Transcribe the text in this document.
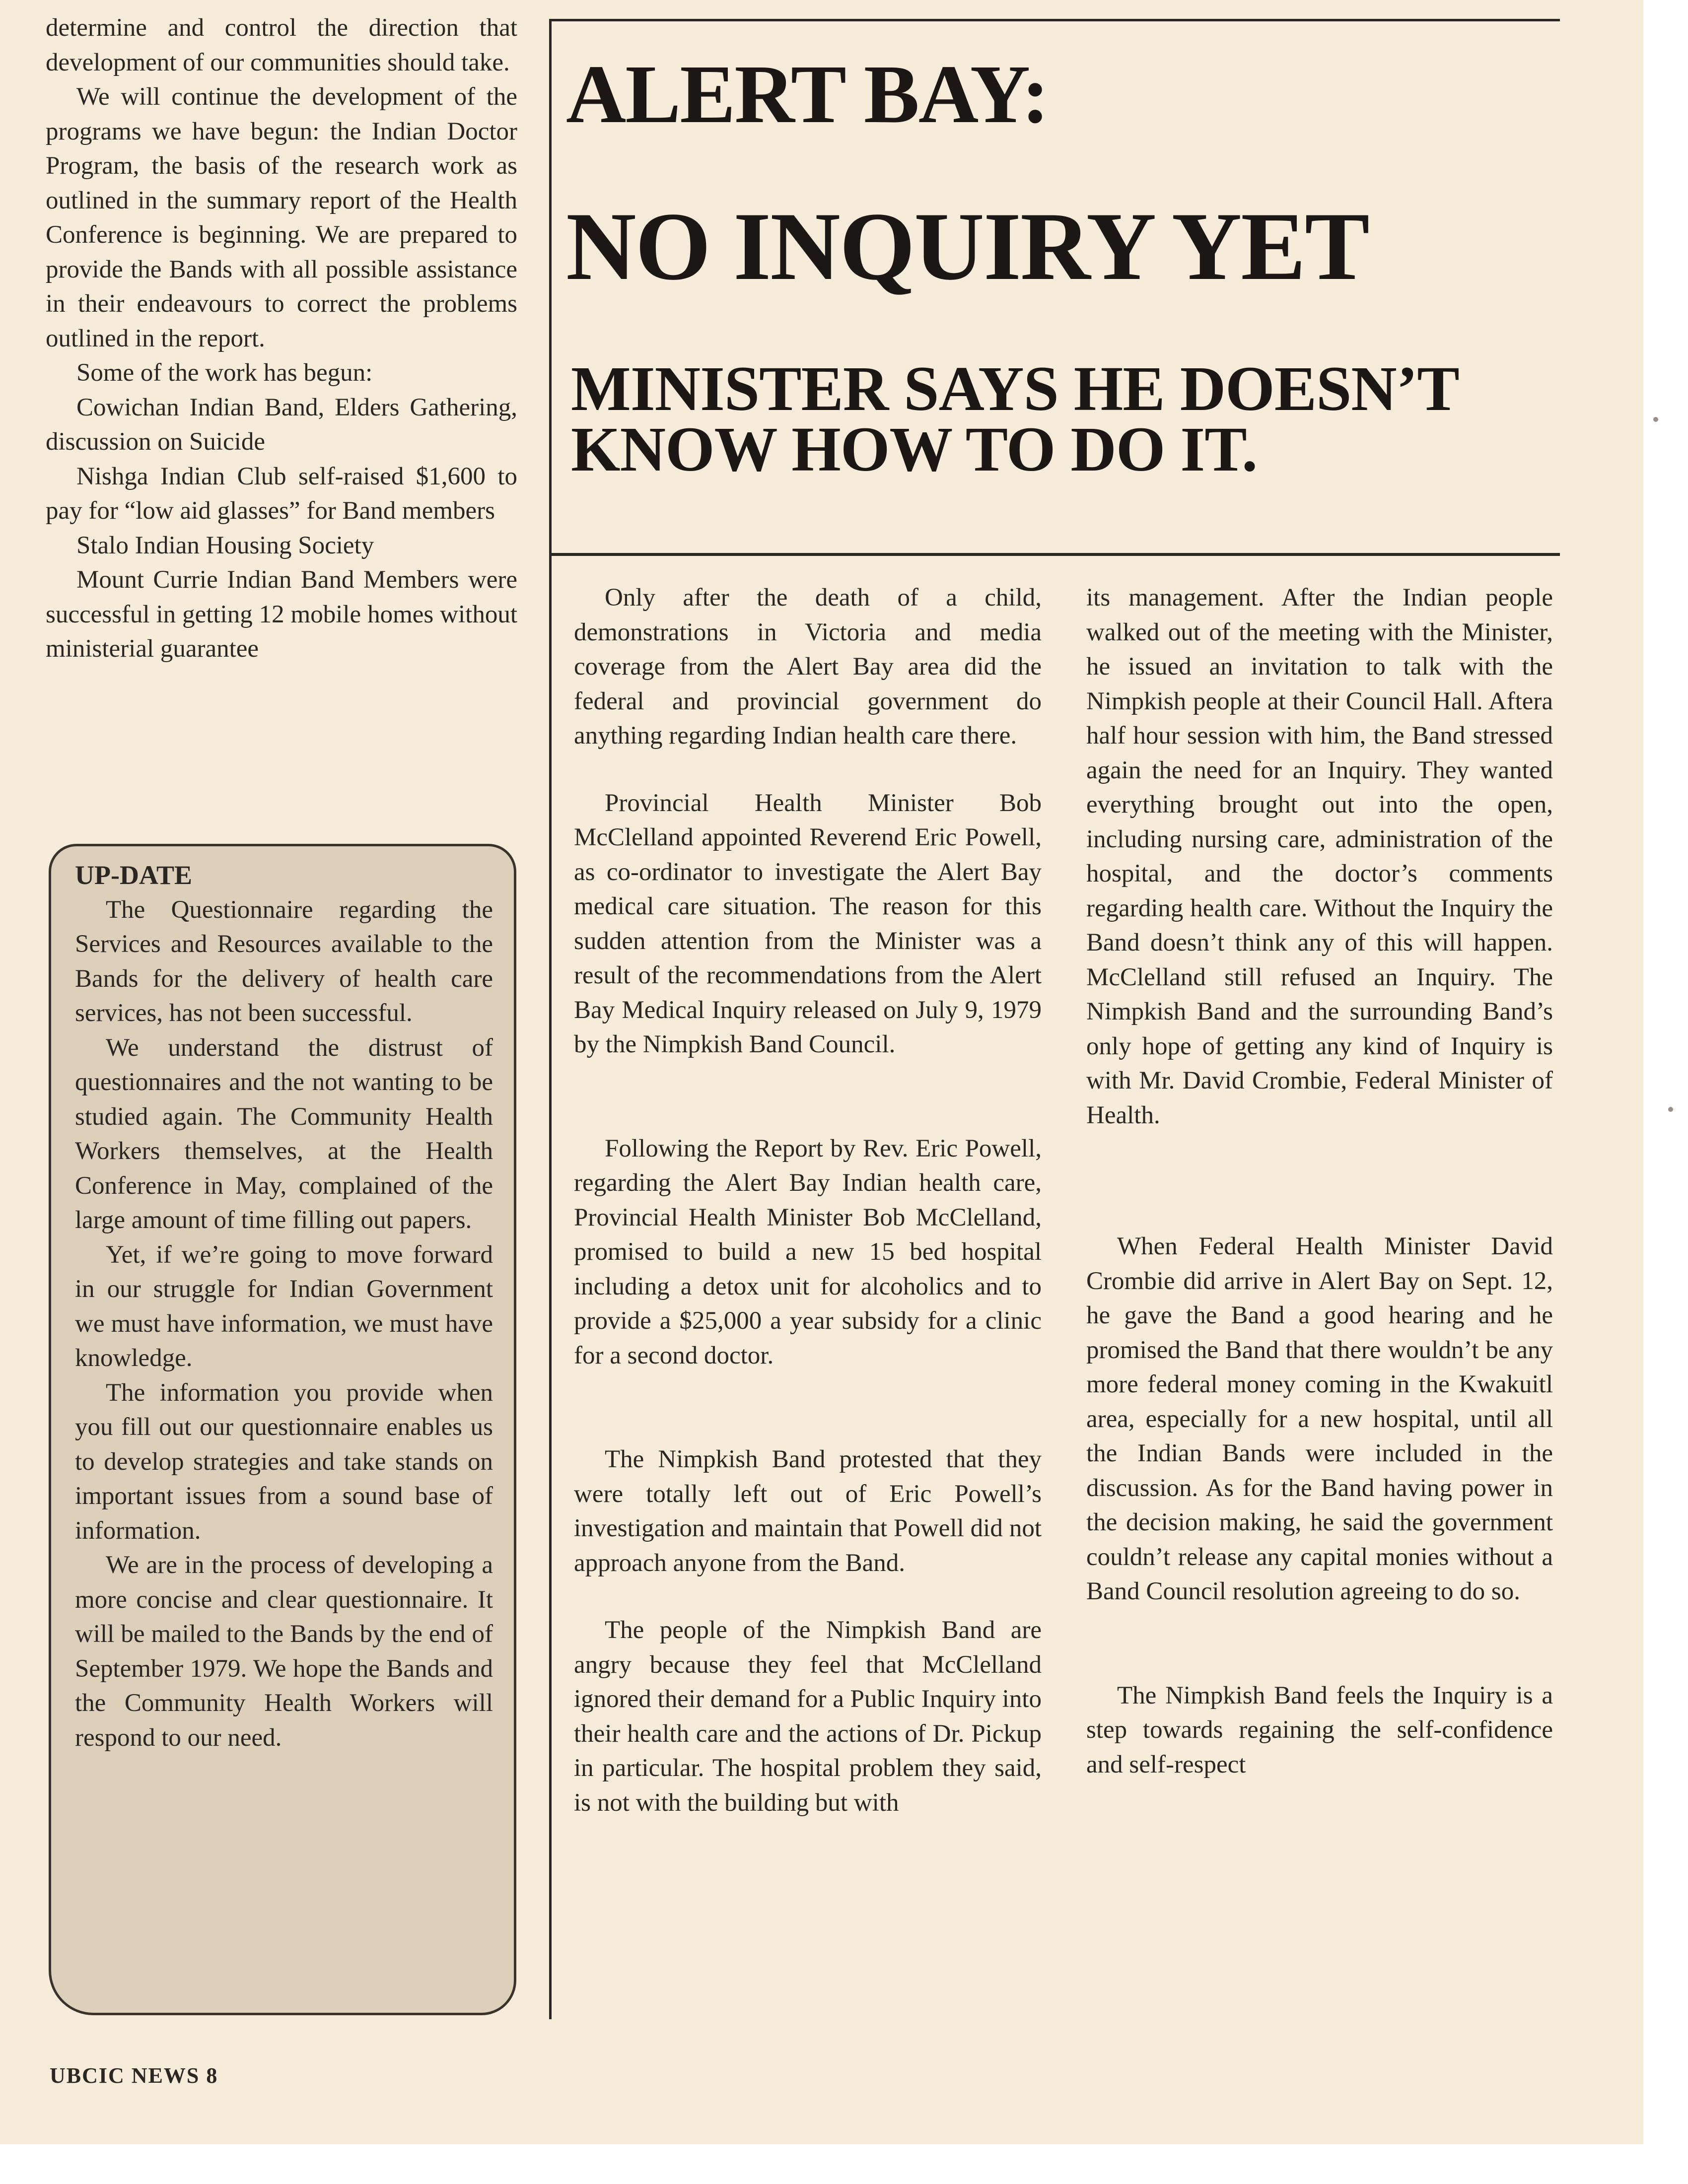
determine and control the direction that development of our communities should take.

We will continue the development of the programs we have begun: the Indian Doctor Program, the basis of the research work as outlined in the summary report of the Health Conference is beginning. We are prepared to provide the Bands with all possible assistance in their endeavours to correct the problems outlined in the report.

Some of the work has begun:

Cowichan Indian Band, Elders Gathering, discussion on Suicide

Nishga Indian Club self-raised $1,600 to pay for “low aid glasses” for Band members

Stalo Indian Housing Society

Mount Currie Indian Band Members were successful in getting 12 mobile homes without ministerial guarantee

UP-DATE

The Questionnaire regarding the Services and Resources available to the Bands for the delivery of health care services, has not been successful.

We understand the distrust of questionnaires and the not wanting to be studied again. The Community Health Workers themselves, at the Health Conference in May, complained of the large amount of time filling out papers.

Yet, if we’re going to move forward in our struggle for Indian Government we must have information, we must have knowledge.

The information you provide when you fill out our questionnaire enables us to develop strategies and take stands on important issues from a sound base of information.

We are in the process of developing a more concise and clear questionnaire. It will be mailed to the Bands by the end of September 1979. We hope the Bands and the Community Health Workers will respond to our need.

ALERT BAY:
NO INQUIRY YET
MINISTER SAYS HE DOESN’T KNOW HOW TO DO IT.

Only after the death of a child, demonstrations in Victoria and media coverage from the Alert Bay area did the federal and provincial government do anything regarding Indian health care there.

Provincial Health Minister Bob McClelland appointed Reverend Eric Powell, as co-ordinator to investigate the Alert Bay medical care situation. The reason for this sudden attention from the Minister was a result of the recommendations from the Alert Bay Medical Inquiry released on July 9, 1979 by the Nimpkish Band Council.

Following the Report by Rev. Eric Powell, regarding the Alert Bay Indian health care, Provincial Health Minister Bob McClelland, promised to build a new 15 bed hospital including a detox unit for alcoholics and to provide a $25,000 a year subsidy for a clinic for a second doctor.

The Nimpkish Band protested that they were totally left out of Eric Powell’s investigation and maintain that Powell did not approach anyone from the Band.

The people of the Nimpkish Band are angry because they feel that McClelland ignored their demand for a Public Inquiry into their health care and the actions of Dr. Pickup in particular. The hospital problem they said, is not with the building but with

its management. After the Indian people walked out of the meeting with the Minister, he issued an invitation to talk with the Nimpkish people at their Council Hall. Aftera half hour session with him, the Band stressed again the need for an Inquiry. They wanted everything brought out into the open, including nursing care, administration of the hospital, and the doctor’s comments regarding health care. Without the Inquiry the Band doesn’t think any of this will happen. McClelland still refused an Inquiry. The Nimpkish Band and the surrounding Band’s only hope of getting any kind of Inquiry is with Mr. David Crombie, Federal Minister of Health.

When Federal Health Minister David Crombie did arrive in Alert Bay on Sept. 12, he gave the Band a good hearing and he promised the Band that there wouldn’t be any more federal money coming in the Kwakuitl area, especially for a new hospital, until all the Indian Bands were included in the discussion. As for the Band having power in the decision making, he said the government couldn’t release any capital monies without a Band Council resolution agreeing to do so.

The Nimpkish Band feels the Inquiry is a step towards regaining the self-confidence and self-respect

UBCIC NEWS 8
